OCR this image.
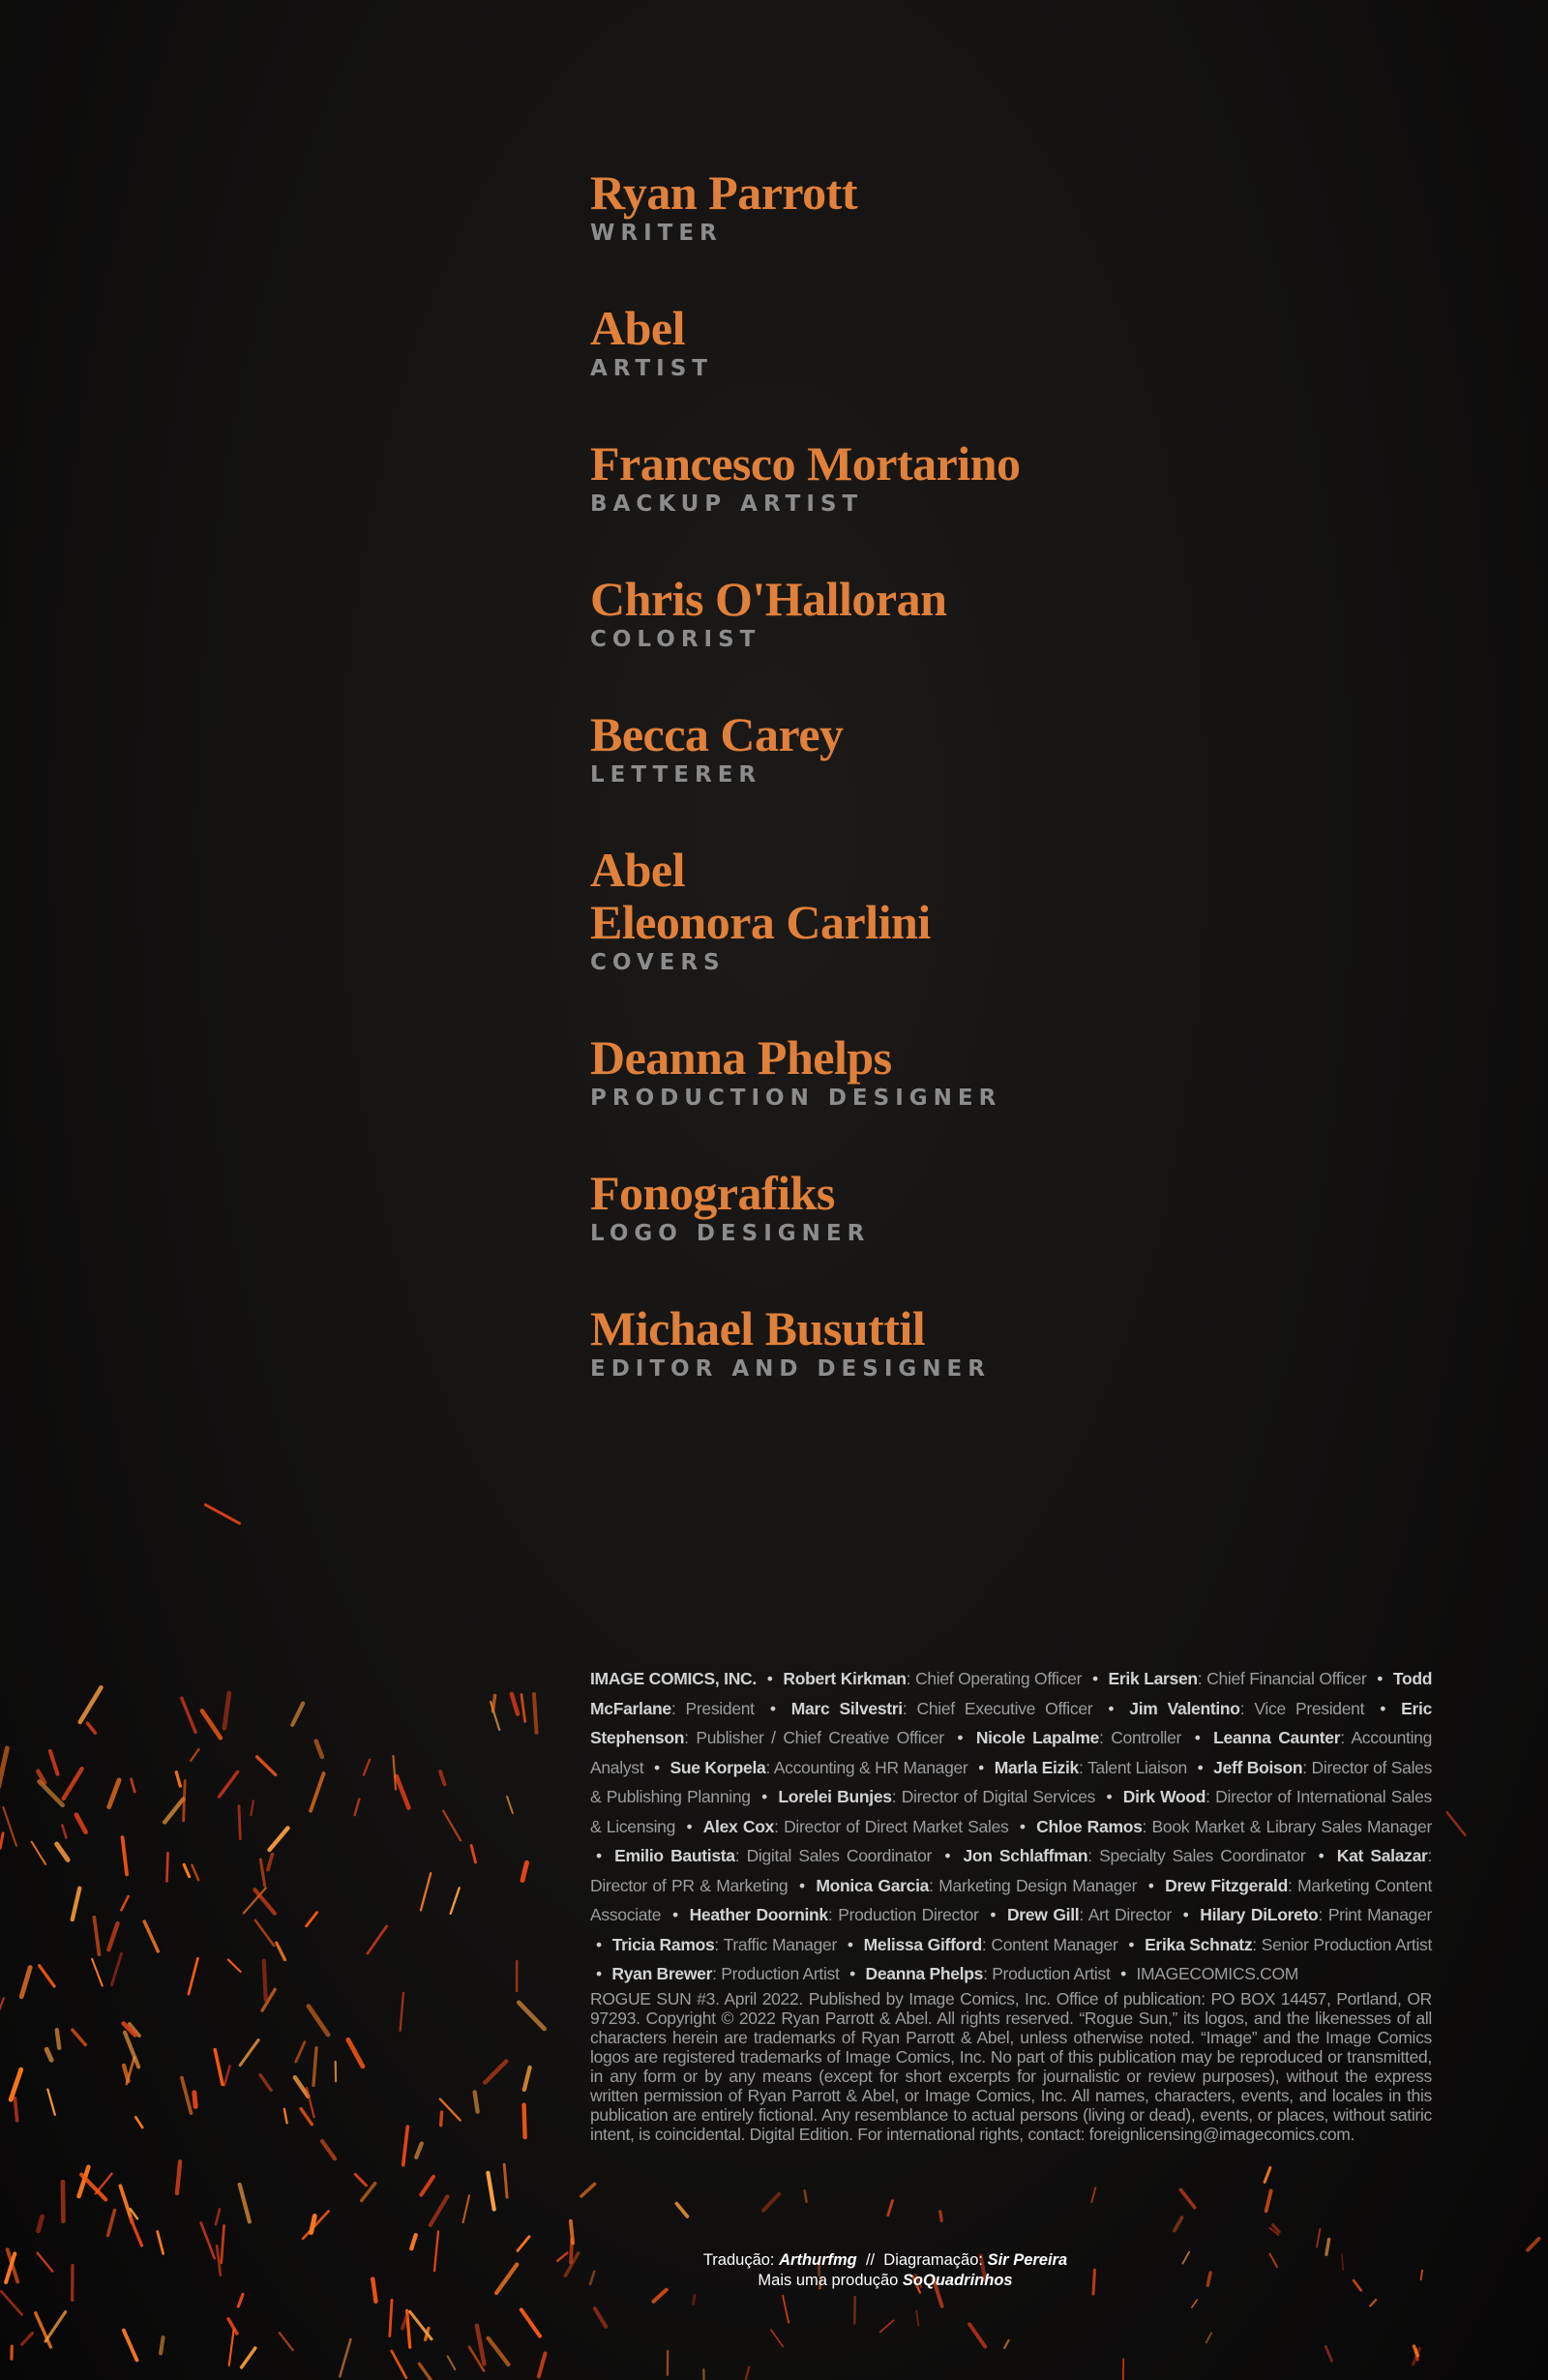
Ryan Parrott
WRITER
Abel
ARTIST
Francesco Mortarino
BACKUP ARTIST
Chris O'Halloran
COLORIST
Becca Carey
LETTERER
Abel
Eleonora Carlini
COVERS
Deanna Phelps
PRODUCTION DESIGNER
Fonografiks
LOGO DESIGNER
Michael Busuttil
EDITOR AND DESIGNER
IMAGE COMICS, INC. • Robert Kirkman: Chief Operating Officer • Erik Larsen: Chief Financial Officer • Todd McFarlane: President • Marc Silvestri: Chief Executive Officer • Jim Valentino: Vice President • Eric Stephenson: Publisher / Chief Creative Officer • Nicole Lapalme: Controller • Leanna Caunter: Accounting Analyst • Sue Korpela: Accounting & HR Manager • Marla Eizik: Talent Liaison • Jeff Boison: Director of Sales & Publishing Planning • Lorelei Bunjes: Director of Digital Services • Dirk Wood: Director of International Sales & Licensing • Alex Cox: Director of Direct Market Sales • Chloe Ramos: Book Market & Library Sales Manager • Emilio Bautista: Digital Sales Coordinator • Jon Schlaffman: Specialty Sales Coordinator • Kat Salazar: Director of PR & Marketing • Monica Garcia: Marketing Design Manager • Drew Fitzgerald: Marketing Content Associate • Heather Doornink: Production Director • Drew Gill: Art Director • Hilary DiLoreto: Print Manager • Tricia Ramos: Traffic Manager • Melissa Gifford: Content Manager • Erika Schnatz: Senior Production Artist • Ryan Brewer: Production Artist • Deanna Phelps: Production Artist • IMAGECOMICS.COM
ROGUE SUN #3. April 2022. Published by Image Comics, Inc. Office of publication: PO BOX 14457, Portland, OR 97293. Copyright © 2022 Ryan Parrott & Abel. All rights reserved. “Rogue Sun,” its logos, and the likenesses of all characters herein are trademarks of Ryan Parrott & Abel, unless otherwise noted. “Image” and the Image Comics logos are registered trademarks of Image Comics, Inc. No part of this publication may be reproduced or transmitted, in any form or by any means (except for short excerpts for journalistic or review purposes), without the express written permission of Ryan Parrott & Abel, or Image Comics, Inc. All names, characters, events, and locales in this publication are entirely fictional. Any resemblance to actual persons (living or dead), events, or places, without satiric intent, is coincidental. Digital Edition. For international rights, contact: foreignlicensing@imagecomics.com.
Tradução: Arthurfmg // Diagramação: Sir Pereira
Mais uma produção SoQuadrinhos
